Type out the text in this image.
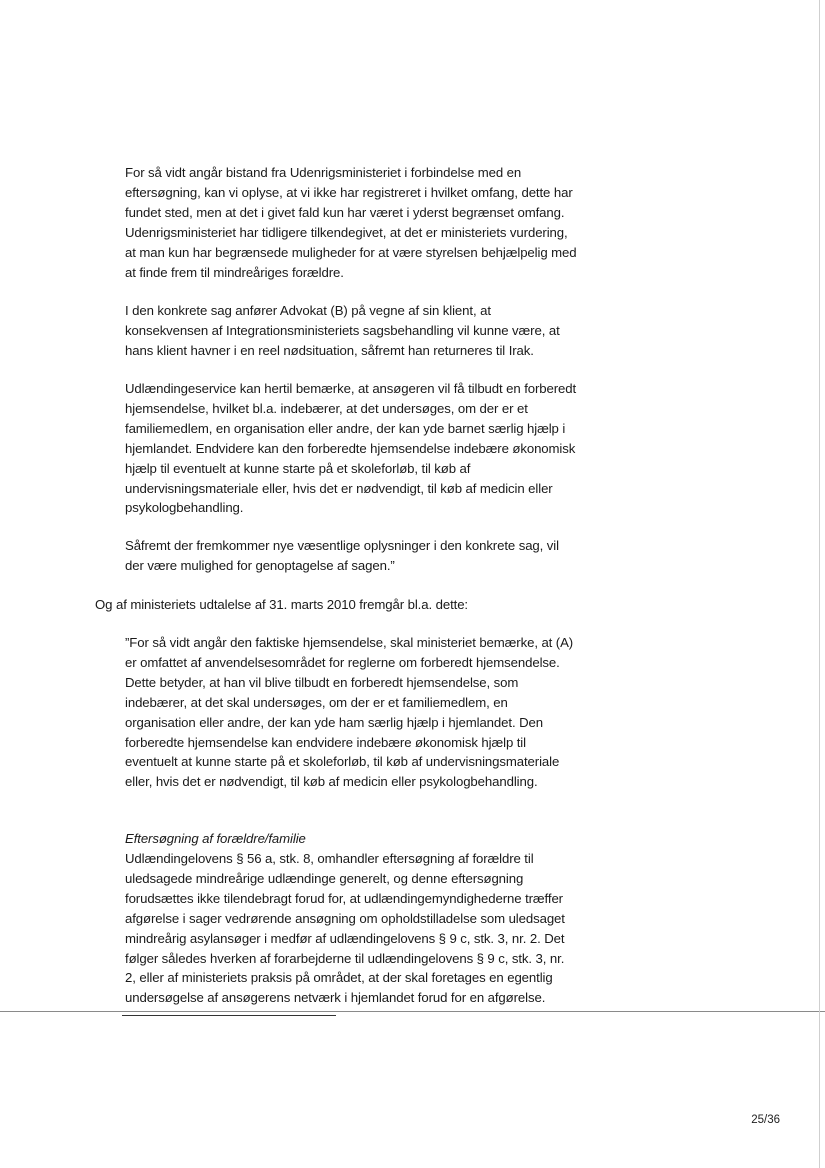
For så vidt angår bistand fra Udenrigsministeriet i forbindelse med en eftersøgning, kan vi oplyse, at vi ikke har registreret i hvilket omfang, dette har fundet sted, men at det i givet fald kun har været i yderst begrænset omfang. Udenrigsministeriet har tidligere tilkendegivet, at det er ministeriets vurdering, at man kun har begrænsede muligheder for at være styrelsen behjælpelig med at finde frem til mindreåriges forældre.

I den konkrete sag anfører Advokat (B) på vegne af sin klient, at konsekvensen af Integrationsministeriets sagsbehandling vil kunne være, at hans klient havner i en reel nødsituation, såfremt han returneres til Irak.

Udlændingeservice kan hertil bemærke, at ansøgeren vil få tilbudt en forberedt hjemsendelse, hvilket bl.a. indebærer, at det undersøges, om der er et familiemedlem, en organisation eller andre, der kan yde barnet særlig hjælp i hjemlandet. Endvidere kan den forberedte hjemsendelse indebære økonomisk hjælp til eventuelt at kunne starte på et skoleforløb, til køb af undervisningsmateriale eller, hvis det er nødvendigt, til køb af medicin eller psykologbehandling.

Såfremt der fremkommer nye væsentlige oplysninger i den konkrete sag, vil der være mulighed for genoptagelse af sagen.”

Og af ministeriets udtalelse af 31. marts 2010 fremgår bl.a. dette:

”For så vidt angår den faktiske hjemsendelse, skal ministeriet bemærke, at (A) er omfattet af anvendelsesområdet for reglerne om forberedt hjemsendelse. Dette betyder, at han vil blive tilbudt en forberedt hjemsendelse, som indebærer, at det skal undersøges, om der er et familiemedlem, en organisation eller andre, der kan yde ham særlig hjælp i hjemlandet. Den forberedte hjemsendelse kan endvidere indebære økonomisk hjælp til eventuelt at kunne starte på et skoleforløb, til køb af undervisningsmateriale eller, hvis det er nødvendigt, til køb af medicin eller psykologbehandling.

Eftersøgning af forældre/familie

Udlændingelovens § 56 a, stk. 8, omhandler eftersøgning af forældre til uledsagede mindreårige udlændinge generelt, og denne eftersøgning forudsættes ikke tilendebragt forud for, at udlændingemyndighederne træffer afgørelse i sager vedrørende ansøgning om opholdstilladelse som uledsaget mindreårig asylansøger i medfør af udlændingelovens § 9 c, stk. 3, nr. 2. Det følger således hverken af forarbejderne til udlændingelovens § 9 c, stk. 3, nr. 2, eller af ministeriets praksis på området, at der skal foretages en egentlig undersøgelse af ansøgerens netværk i hjemlandet forud for en afgørelse.

25/36
